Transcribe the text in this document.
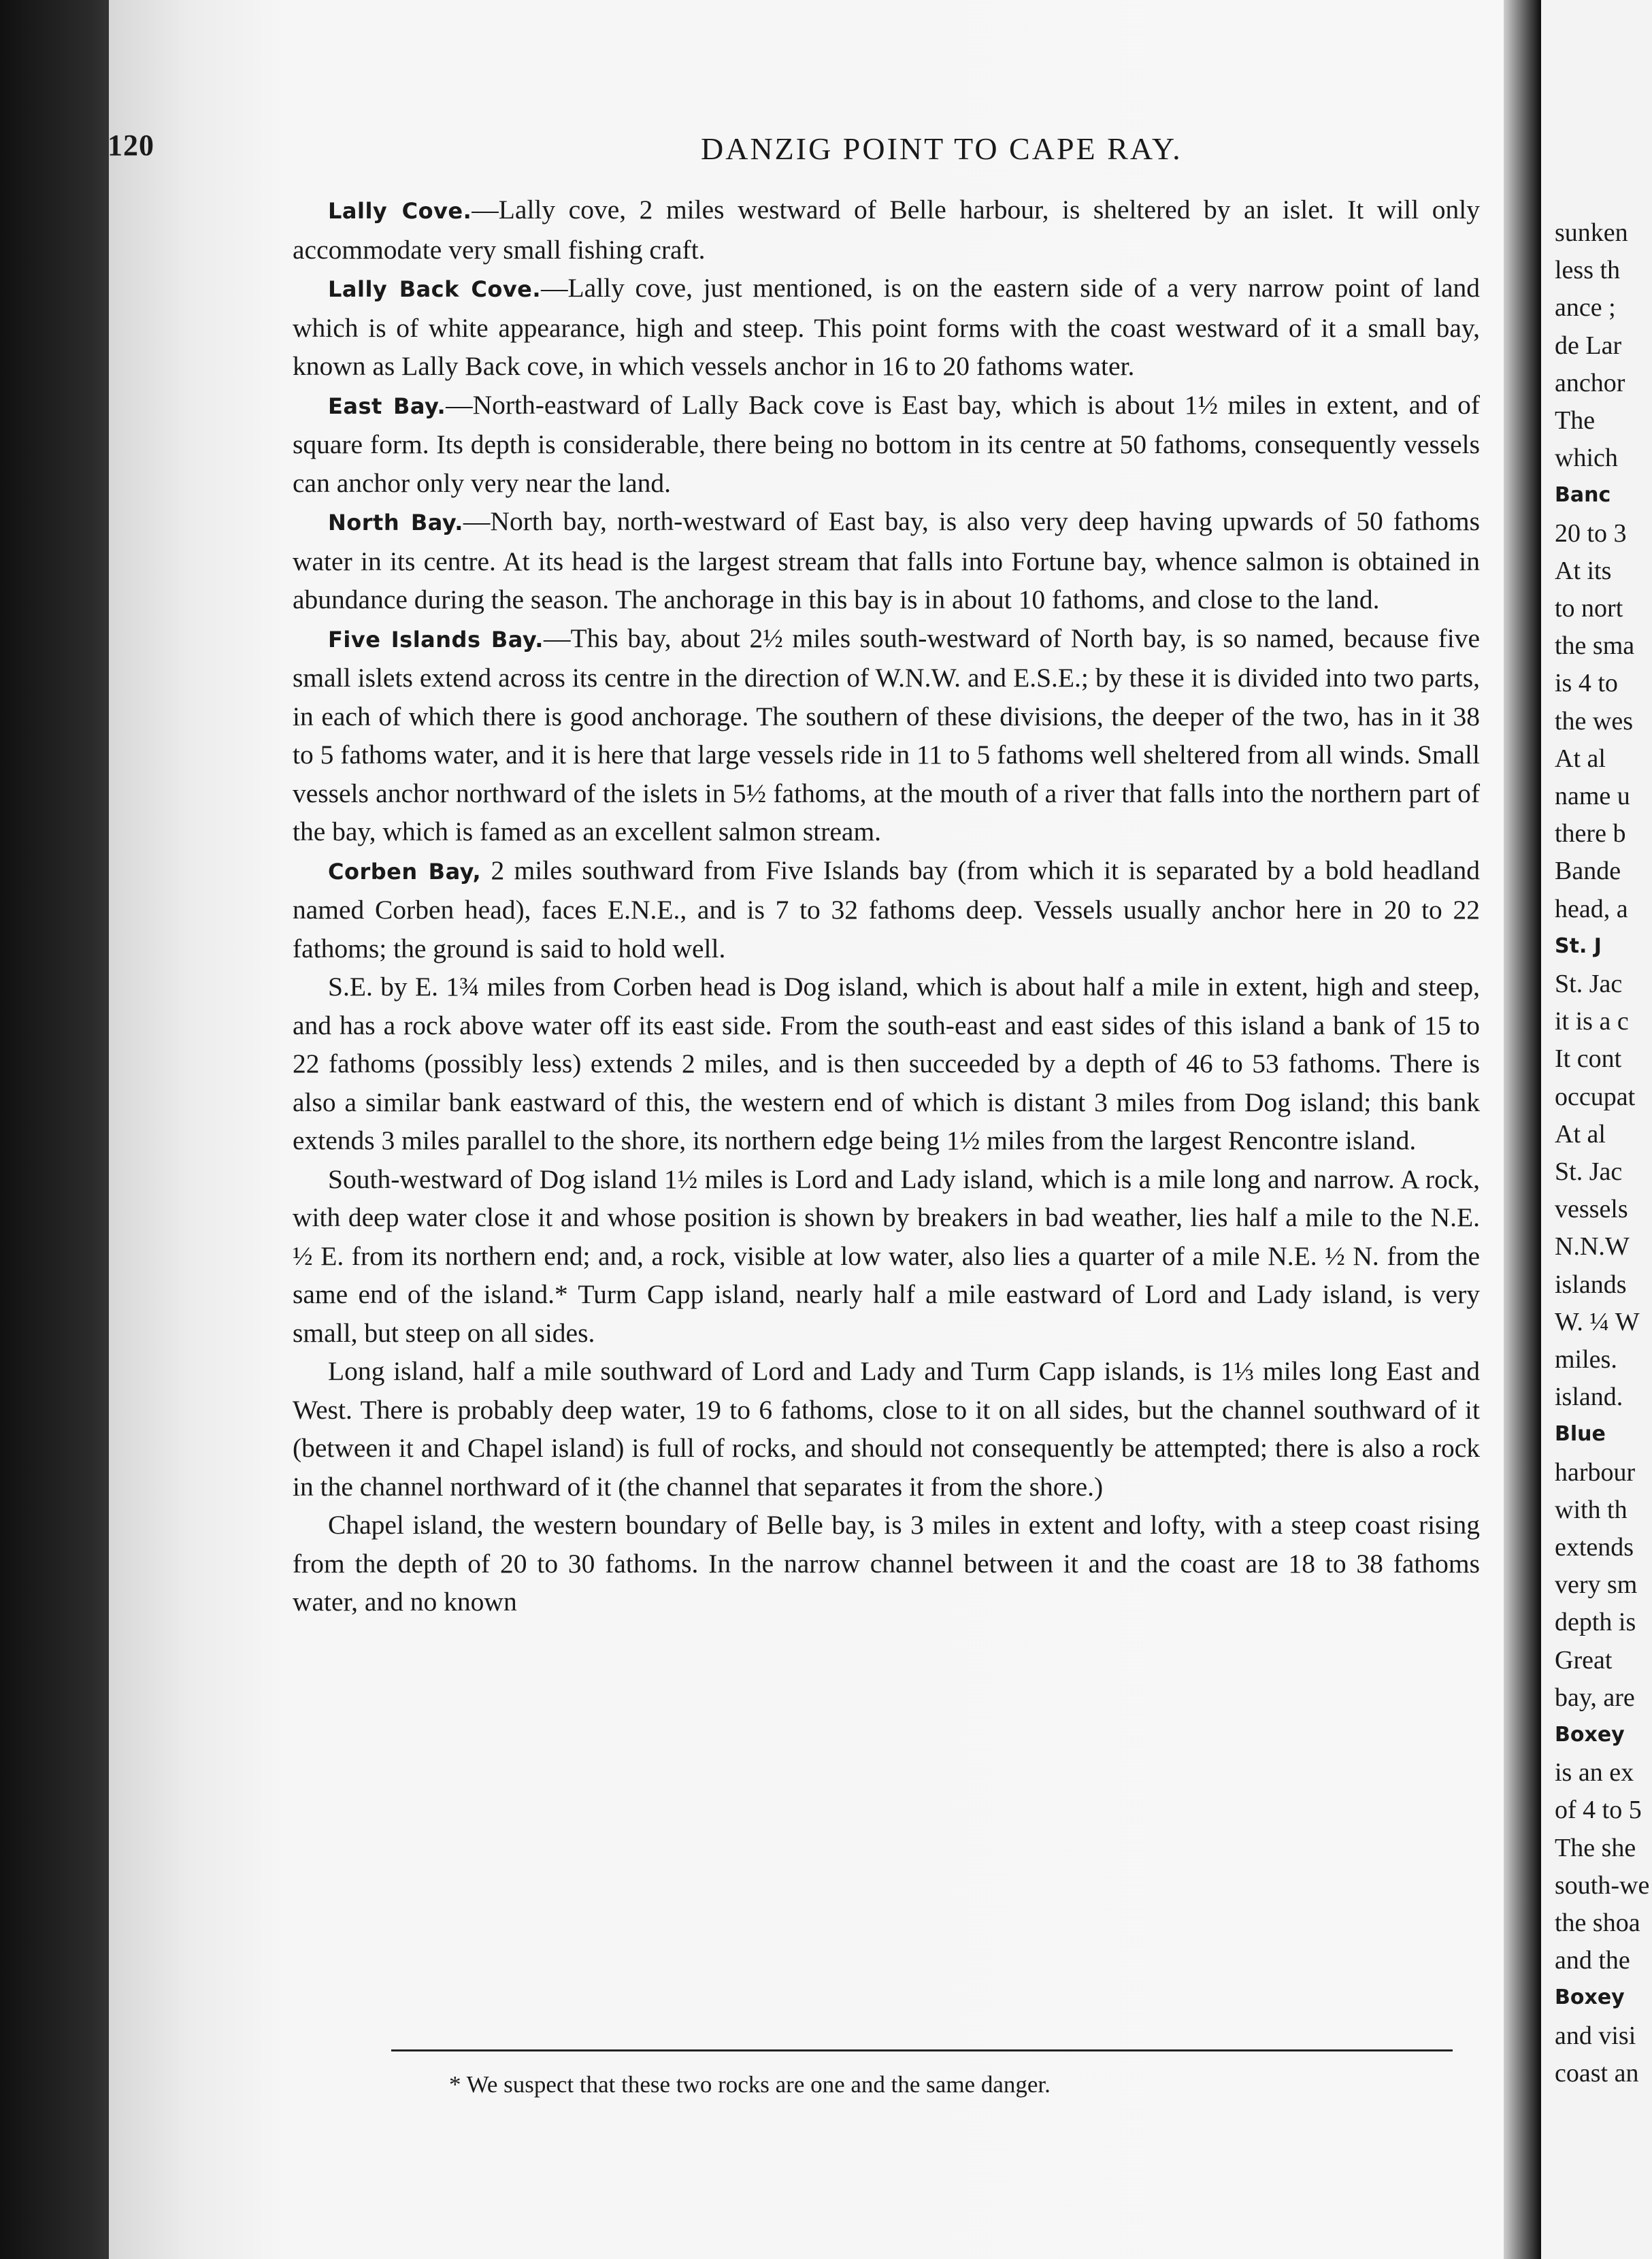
120	DANZIG POINT TO CAPE RAY.

Lally Cove.—Lally cove, 2 miles westward of Belle harbour, is sheltered by an islet. It will only accommodate very small fishing craft.

Lally Back Cove.—Lally cove, just mentioned, is on the eastern side of a very narrow point of land which is of white appearance, high and steep. This point forms with the coast westward of it a small bay, known as Lally Back cove, in which vessels anchor in 16 to 20 fathoms water.

East Bay.—North-eastward of Lally Back cove is East bay, which is about 1½ miles in extent, and of square form. Its depth is considerable, there being no bottom in its centre at 50 fathoms, consequently vessels can anchor only very near the land.

North Bay.—North bay, north-westward of East bay, is also very deep having upwards of 50 fathoms water in its centre. At its head is the largest stream that falls into Fortune bay, whence salmon is obtained in abundance during the season. The anchorage in this bay is in about 10 fathoms, and close to the land.

Five Islands Bay.—This bay, about 2½ miles south-westward of North bay, is so named, because five small islets extend across its centre in the direction of W.N.W. and E.S.E.; by these it is divided into two parts, in each of which there is good anchorage. The southern of these divisions, the deeper of the two, has in it 38 to 5 fathoms water, and it is here that large vessels ride in 11 to 5 fathoms well sheltered from all winds. Small vessels anchor northward of the islets in 5½ fathoms, at the mouth of a river that falls into the northern part of the bay, which is famed as an excellent salmon stream.

Corben Bay, 2 miles southward from Five Islands bay (from which it is separated by a bold headland named Corben head), faces E.N.E., and is 7 to 32 fathoms deep. Vessels usually anchor here in 20 to 22 fathoms; the ground is said to hold well.

S.E. by E. 1¾ miles from Corben head is Dog island, which is about half a mile in extent, high and steep, and has a rock above water off its east side. From the south-east and east sides of this island a bank of 15 to 22 fathoms (possibly less) extends 2 miles, and is then succeeded by a depth of 46 to 53 fathoms. There is also a similar bank eastward of this, the western end of which is distant 3 miles from Dog island; this bank extends 3 miles parallel to the shore, its northern edge being 1½ miles from the largest Rencontre island.

South-westward of Dog island 1½ miles is Lord and Lady island, which is a mile long and narrow. A rock, with deep water close it and whose position is shown by breakers in bad weather, lies half a mile to the N.E. ½ E. from its northern end; and, a rock, visible at low water, also lies a quarter of a mile N.E. ½ N. from the same end of the island.* Turm Capp island, nearly half a mile eastward of Lord and Lady island, is very small, but steep on all sides.

Long island, half a mile southward of Lord and Lady and Turm Capp islands, is 1⅓ miles long East and West. There is probably deep water, 19 to 6 fathoms, close to it on all sides, but the channel southward of it (between it and Chapel island) is full of rocks, and should not consequently be attempted; there is also a rock in the channel northward of it (the channel that separates it from the shore.)

Chapel island, the western boundary of Belle bay, is 3 miles in extent and lofty, with a steep coast rising from the depth of 20 to 30 fathoms. In the narrow channel between it and the coast are 18 to 38 fathoms water, and no known

* We suspect that these two rocks are one and the same danger.
sunken
less th
ance ;
de Lar
anchor
The
which
Banc
20 to 3
At its
to nort
the sma
is 4 to
the wes
At al
name u
there b
Bande
head, a
St. J
St. Jac
it is a c
It cont
occupat
At al
St. Jac
vessels
N.N.W
islands
W. ¼ W
miles.
island.
Blue
harbour
with th
extends
very sm
depth is
Great
bay, are
Boxey
is an ex
of 4 to 5
The she
south-we
the shoa
and the
Boxey
and visi
coast an
